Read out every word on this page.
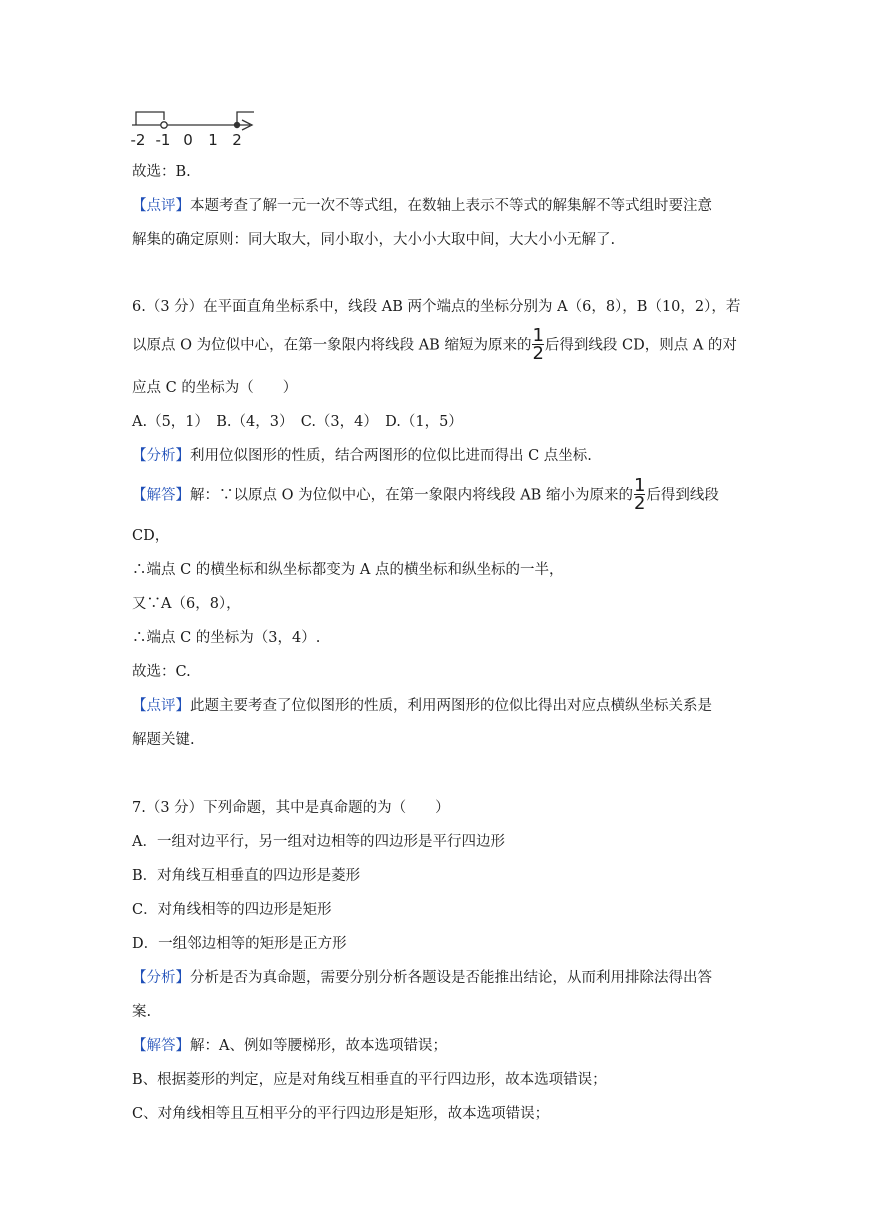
-2 -1 0 1 2
故选：B.
【点评】本题考查了解一元一次不等式组，在数轴上表示不等式的解集解不等式组时要注意
解集的确定原则：同大取大，同小取小，大小小大取中间，大大小小无解了.
6.（3 分）在平面直角坐标系中，线段 AB 两个端点的坐标分别为 A（6，8），B（10，2），若
以原点 O 为位似中心，在第一象限内将线段 AB 缩短为原来的 $\frac{1}{2}$ 后得到线段 CD，则点 A 的对
应点 C 的坐标为（　　）
A.（5，1）　B.（4，3）　C.（3，4）　D.（1，5）
【分析】利用位似图形的性质，结合两图形的位似比进而得出 C 点坐标.
【解答】解：∵以原点 O 为位似中心，在第一象限内将线段 AB 缩小为原来的 $\frac{1}{2}$ 后得到线段
CD，
∴端点 C 的横坐标和纵坐标都变为 A 点的横坐标和纵坐标的一半，
又∵A（6，8），
∴端点 C 的坐标为（3，4）.
故选：C.
【点评】此题主要考查了位似图形的性质，利用两图形的位似比得出对应点横纵坐标关系是
解题关键.
7.（3 分）下列命题，其中是真命题的为（　　）
A．一组对边平行，另一组对边相等的四边形是平行四边形
B．对角线互相垂直的四边形是菱形
C．对角线相等的四边形是矩形
D．一组邻边相等的矩形是正方形
【分析】分析是否为真命题，需要分别分析各题设是否能推出结论，从而利用排除法得出答
案.
【解答】解：A、例如等腰梯形，故本选项错误；
B、根据菱形的判定，应是对角线互相垂直的平行四边形，故本选项错误；
C、对角线相等且互相平分的平行四边形是矩形，故本选项错误；
